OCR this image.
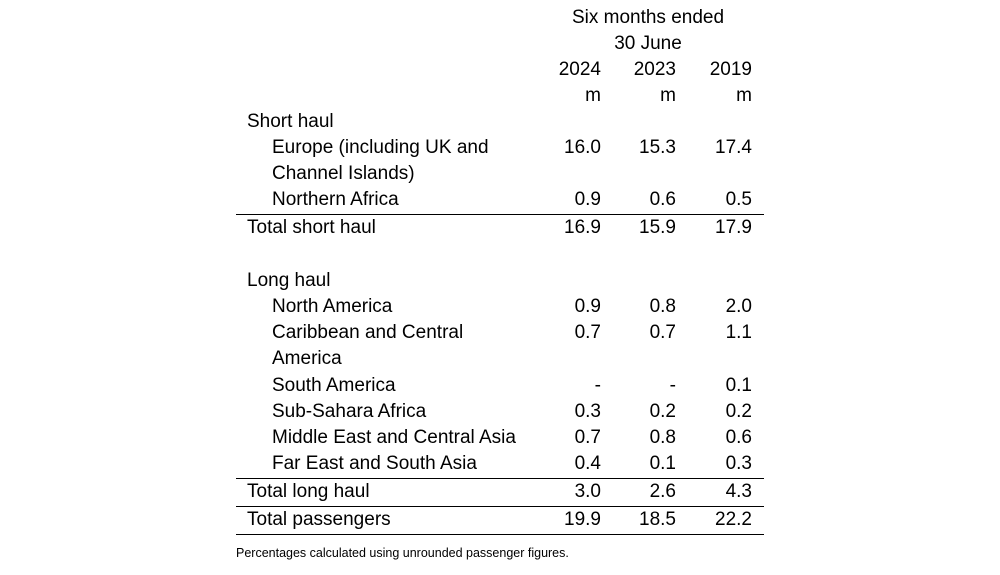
Six months ended
30 June
2024	2023	2019
m	m	m
Short haul
Europe (including UK and	16.0	15.3	17.4
Channel Islands)
Northern Africa	0.9	0.6	0.5
Total short haul	16.9	15.9	17.9
Long haul
North America	0.9	0.8	2.0
Caribbean and Central	0.7	0.7	1.1
America
South America	-	-	0.1
Sub-Sahara Africa	0.3	0.2	0.2
Middle East and Central Asia	0.7	0.8	0.6
Far East and South Asia	0.4	0.1	0.3
Total long haul	3.0	2.6	4.3
Total passengers	19.9	18.5	22.2
Percentages calculated using unrounded passenger figures.
